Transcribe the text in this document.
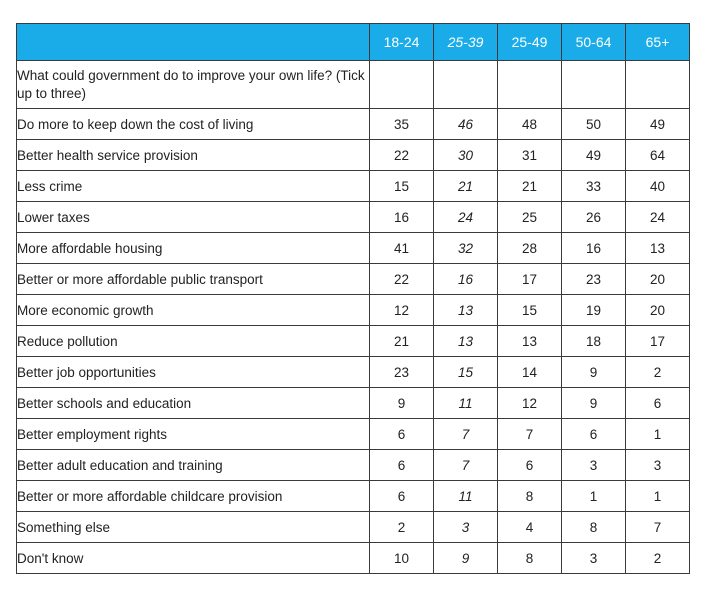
	18-24	25-39	25-49	50-64	65+
What could government do to improve your own life? (Tick up to three)					
Do more to keep down the cost of living	35	46	48	50	49
Better health service provision	22	30	31	49	64
Less crime	15	21	21	33	40
Lower taxes	16	24	25	26	24
More affordable housing	41	32	28	16	13
Better or more affordable public transport	22	16	17	23	20
More economic growth	12	13	15	19	20
Reduce pollution	21	13	13	18	17
Better job opportunities	23	15	14	9	2
Better schools and education	9	11	12	9	6
Better employment rights	6	7	7	6	1
Better adult education and training	6	7	6	3	3
Better or more affordable childcare provision	6	11	8	1	1
Something else	2	3	4	8	7
Don't know	10	9	8	3	2
